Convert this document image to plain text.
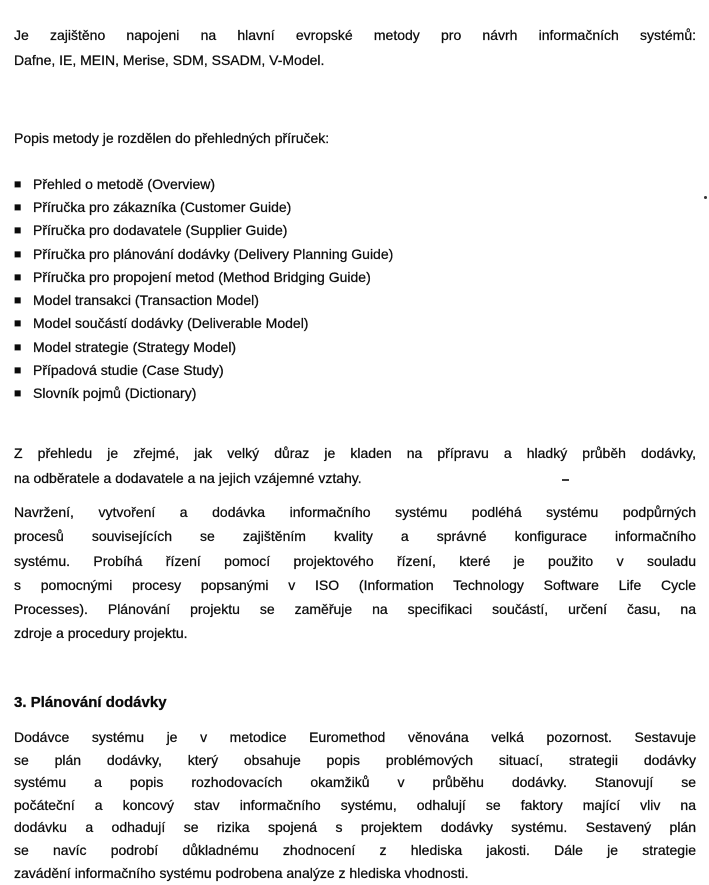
Je zajištěno napojeni na hlavní evropské metody pro návrh informačních systémů:
Dafne, IE, MEIN, Merise, SDM, SSADM, V-Model.
Popis metody je rozdělen do přehledných příruček:
■ Přehled o metodě (Overview)
■ Příručka pro zákazníka (Customer Guide)
■ Příručka pro dodavatele (Supplier Guide)
■ Příručka pro plánování dodávky (Delivery Planning Guide)
■ Příručka pro propojení metod (Method Bridging Guide)
■ Model transakci (Transaction Model)
■ Model součástí dodávky (Deliverable Model)
■ Model strategie (Strategy Model)
■ Případová studie (Case Study)
■ Slovník pojmů (Dictionary)
Z přehledu je zřejmé, jak velký důraz je kladen na přípravu a hladký průběh dodávky,
na odběratele a dodavatele a na jejich vzájemné vztahy.
Navržení, vytvoření a dodávka informačního systému podléhá systému podpůrných
procesů souvisejících se zajištěním kvality a správné konfigurace informačního
systému. Probíhá řízení pomocí projektového řízení, které je použito v souladu
s pomocnými procesy popsanými v ISO (Information Technology Software Life Cycle
Processes). Plánování projektu se zaměřuje na specifikaci součástí, určení času, na
zdroje a procedury projektu.
3. Plánování dodávky
Dodávce systému je v metodice Euromethod věnována velká pozornost. Sestavuje
se plán dodávky, který obsahuje popis problémových situací, strategii dodávky
systému a popis rozhodovacích okamžiků v průběhu dodávky. Stanovují se
počáteční a koncový stav informačního systému, odhalují se faktory mající vliv na
dodávku a odhadují se rizika spojená s projektem dodávky systému. Sestavený plán
se navíc podrobí důkladnému zhodnocení z hlediska jakosti. Dále je strategie
zavádění informačního systému podrobena analýze z hlediska vhodnosti.
